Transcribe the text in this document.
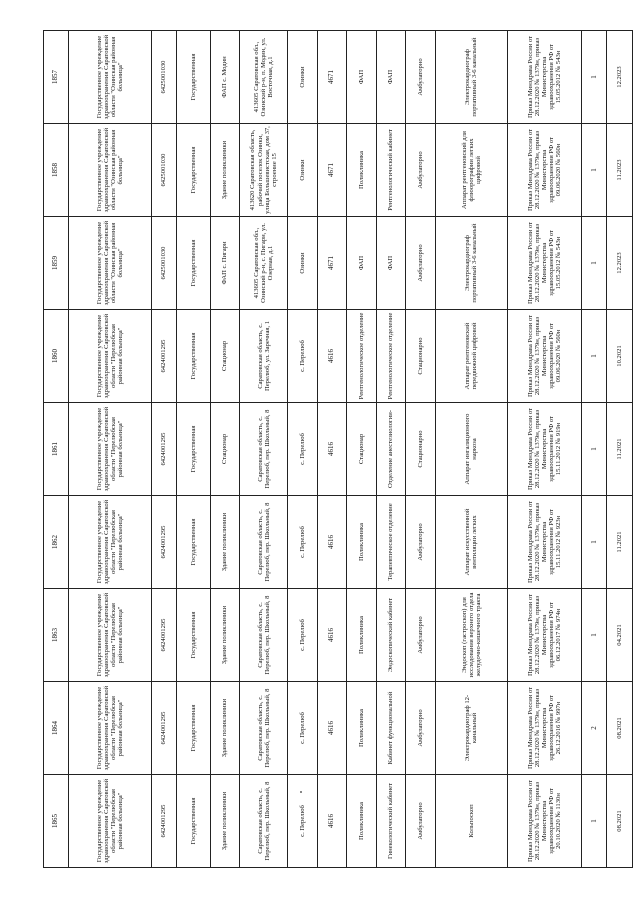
1865	1864	1863	1862	1861	1860	1859	1858	1857
Государственное учреждение здравоохранения Саратовской области "Перелюбская районная больница"	Государственное учреждение здравоохранения Саратовской области "Перелюбская районная больница"	Государственное учреждение здравоохранения Саратовской области "Перелюбская районная больница"	Государственное учреждение здравоохранения Саратовской области "Перелюбская районная больница"	Государственное учреждение здравоохранения Саратовской области "Перелюбская районная больница"	Государственное учреждение здравоохранения Саратовской области "Перелюбская районная больница"	Государственное учреждение здравоохранения Саратовской области "Озинская районная больница"	Государственное учреждение здравоохранения Саратовской области "Озинская районная больница"	Государственное учреждение здравоохранения Саратовской области "Озинская районная больница"
6424001295	6424001295	6424001295	6424001295	6424001295	6424001295	6425001030	6425001030	6425001030
Государственная	Государственная	Государственная	Государственная	Государственная	Государственная	Государственная	Государственная	Государственная
Здание поликлиники	Здание поликлиники	Здание поликлиники	Здание поликлиники	Стационар	Стационар	ФАП с. Пигари	Здание поликлиники	ФАП с. Модин
Саратовская область, с. Перелюб, пер. Школьный, 8	Саратовская область, с. Перелюб, пер. Школьный, 8	Саратовская область, с. Перелюб, пер. Школьный, 8	Саратовская область, с. Перелюб, пер. Школьный, 8	Саратовская область, с. Перелюб, пер. Школьный, 8	Саратовская область, с. Перелюб, ул. Заречная, 1	413605 Саратовская обл., Озинский р-н, с. Пигари, ул. Озерная, д.1	413620 Саратовская область, рабочий поселок Озинки, улица Большевистская, дом 37, строение 15	413605 Саратовская обл., Озинский р-н, п. Модин, ул. Восточная, д.1
с. Перелюб	с. Перелюб	с. Перелюб	с. Перелюб	с. Перелюб	с. Перелюб	Озинки	Озинки	Озинки
4616	4616	4616	4616	4616	4616	4671	4671	4671
Поликлиника	Поликлиника	Поликлиника	Поликлиника	Стационар	Рентгенологическое отделение	ФАП	Поликлиника	ФАП
Гинекологический кабинет	Кабинет функциональной	Эндоскопический кабинет	Терапевтическое отделение	Отделение анестезиологии-	Рентгенологическое отделение	ФАП	Рентгенологический кабинет	ФАП
Амбулаторно	Амбулаторно	Амбулаторно	Амбулаторно	Стационарно	Стационарно	Амбулаторно	Амбулаторно	Амбулаторно
Кольпоскоп	Электрокардиограф 12-канальный	Эндоскоп (гастроскоп) для исследования верхнего отдела желудочно-кишечного тракта	Аппарат искусственной вентиляции легких	Аппарат ингаляционного наркоза	Аппарат рентгеновский передвижной цифровой	Электрокардиограф портативный 3-6 канальный	Аппарат рентгеновский для флюорографии легких цифровой	Электрокардиограф портативный 3-6 канальный
Приказ Минздрава России от 28.12.2020 № 1379н, приказ Министерства здравоохранения РФ от 20.10.2020 № 1130н	Приказ Минздрава России от 28.12.2020 № 1379н, приказ Министерства здравоохранения РФ от 26.12.2016 № 997н	Приказ Минздрава России от 28.12.2020 № 1379н, приказ Министерства здравоохранения РФ от 06.12.2017 № 974н	Приказ Минздрава России от 28.12.2020 № 1379н, приказ Министерства здравоохранения РФ от 15.11.2012 № 923н	Приказ Минздрава России от 28.12.2020 № 1379н, приказ Министерства здравоохранения РФ от 15.11.2012 № 919н	Приказ Минздрава России от 28.12.2020 № 1379н, приказ Министерства здравоохранения РФ от 09.06.2020 № 560н	Приказ Минздрава России от 28.12.2020 № 1379н, приказ Министерства здравоохранения РФ от 15.05.2012 № 543н	Приказ Минздрава России от 28.12.2020 № 1379н, приказ Министерства здравоохранения РФ от 09.06.2020 № 560н	Приказ Минздрава России от 28.12.2020 № 1379н, приказ Министерства здравоохранения РФ от 15.05.2012 № 543н
1	2	1	1	1	1	1	1	1
08.2021	08.2021	04.2021	11.2021	11.2021	10.2021	12.2023	11.2023	12.2023
